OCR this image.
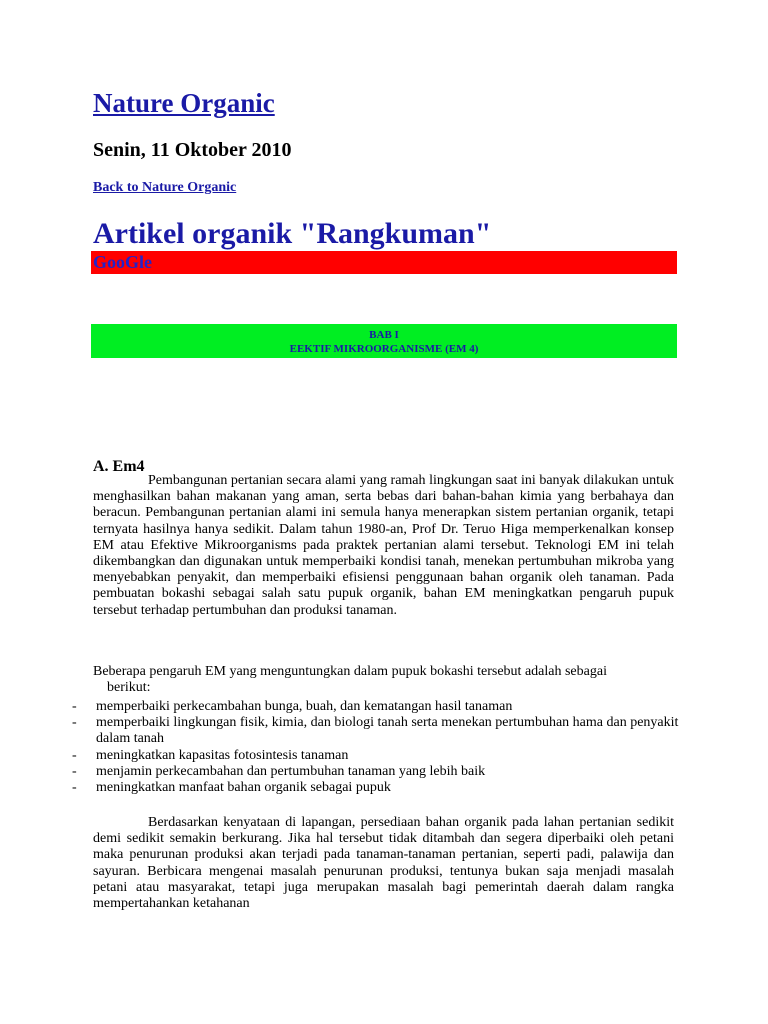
Nature Organic
Senin, 11 Oktober 2010
Back to Nature Organic
Artikel organik "Rangkuman"
GooGle
BAB I
EEKTIF MIKROORGANISME (EM 4)
A. Em4

Pembangunan pertanian secara alami yang ramah lingkungan saat ini banyak dilakukan untuk menghasilkan bahan makanan yang aman, serta bebas dari bahan-bahan kimia yang berbahaya dan beracun. Pembangunan pertanian alami ini semula hanya menerapkan sistem pertanian organik, tetapi ternyata hasilnya hanya sedikit. Dalam tahun 1980-an, Prof Dr. Teruo Higa memperkenalkan konsep EM atau Efektive Mikroorganisms pada praktek pertanian alami tersebut. Teknologi EM ini telah dikembangkan dan digunakan untuk memperbaiki kondisi tanah, menekan pertumbuhan mikroba yang menyebabkan penyakit, dan memperbaiki efisiensi penggunaan bahan organik oleh tanaman. Pada pembuatan bokashi sebagai salah satu pupuk organik, bahan EM meningkatkan pengaruh pupuk tersebut terhadap pertumbuhan dan produksi tanaman.

Beberapa pengaruh EM yang menguntungkan dalam pupuk bokashi tersebut adalah sebagai
berikut:

- memperbaiki perkecambahan bunga, buah, dan kematangan hasil tanaman
- memperbaiki lingkungan fisik, kimia, dan biologi tanah serta menekan pertumbuhan hama dan penyakit dalam tanah
- meningkatkan kapasitas fotosintesis tanaman
- menjamin perkecambahan dan pertumbuhan tanaman yang lebih baik
- meningkatkan manfaat bahan organik sebagai pupuk

Berdasarkan kenyataan di lapangan, persediaan bahan organik pada lahan pertanian sedikit demi sedikit semakin berkurang. Jika hal tersebut tidak ditambah dan segera diperbaiki oleh petani maka penurunan produksi akan terjadi pada tanaman-tanaman pertanian, seperti padi, palawija dan sayuran. Berbicara mengenai masalah penurunan produksi, tentunya bukan saja menjadi masalah petani atau masyarakat, tetapi juga merupakan masalah bagi pemerintah daerah dalam rangka mempertahankan ketahanan
